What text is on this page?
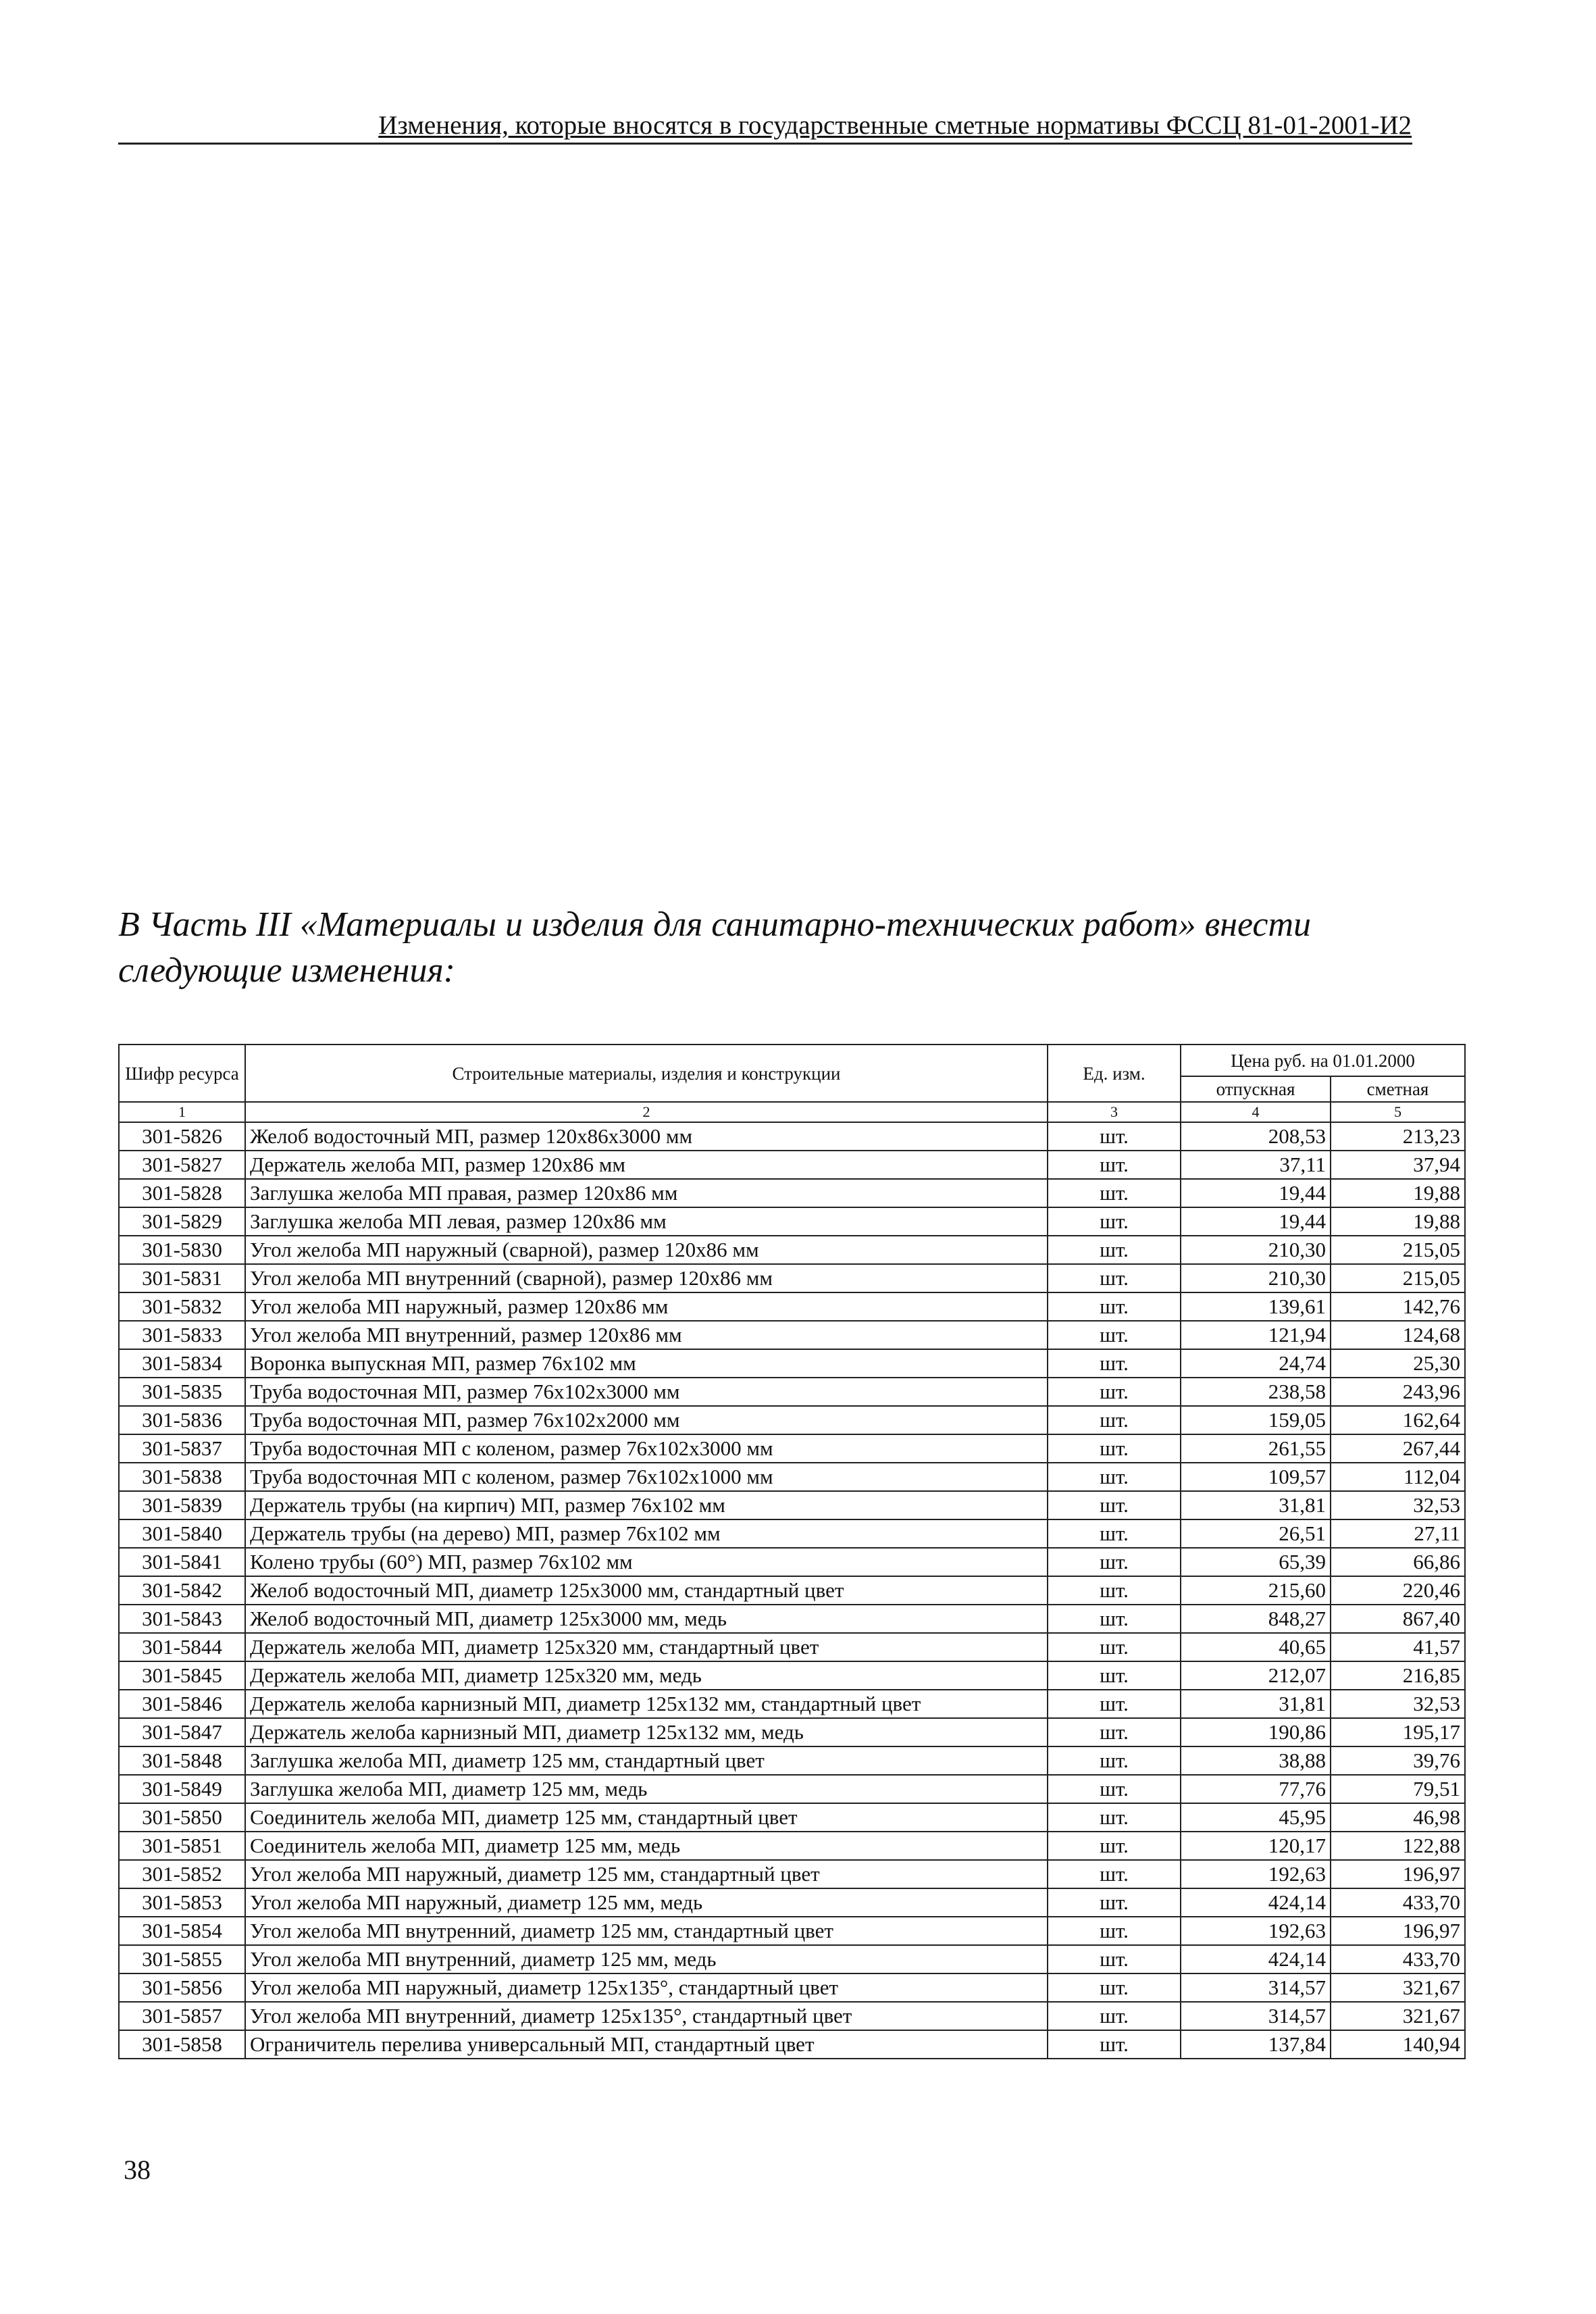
Изменения, которые вносятся в государственные сметные нормативы ФССЦ 81-01-2001-И2

В Часть III «Материалы и изделия для санитарно-технических работ» внести следующие изменения:

Шифр ресурса	Строительные материалы, изделия и конструкции	Ед. изм.	Цена руб. на 01.01.2000	
			отпускная	сметная
1	2	3	4	5
301-5826	Желоб водосточный МП, размер 120х86х3000 мм	шт.	208,53	213,23
301-5827	Держатель желоба МП, размер 120х86 мм	шт.	37,11	37,94
301-5828	Заглушка желоба МП правая, размер 120х86 мм	шт.	19,44	19,88
301-5829	Заглушка желоба МП левая, размер 120х86 мм	шт.	19,44	19,88
301-5830	Угол желоба МП наружный (сварной), размер 120х86 мм	шт.	210,30	215,05
301-5831	Угол желоба МП внутренний (сварной), размер 120х86 мм	шт.	210,30	215,05
301-5832	Угол желоба МП наружный, размер 120х86 мм	шт.	139,61	142,76
301-5833	Угол желоба МП внутренний, размер 120х86 мм	шт.	121,94	124,68
301-5834	Воронка выпускная МП, размер 76х102 мм	шт.	24,74	25,30
301-5835	Труба водосточная МП, размер 76х102х3000 мм	шт.	238,58	243,96
301-5836	Труба водосточная МП, размер 76х102х2000 мм	шт.	159,05	162,64
301-5837	Труба водосточная МП с коленом, размер 76х102х3000 мм	шт.	261,55	267,44
301-5838	Труба водосточная МП с коленом, размер 76х102х1000 мм	шт.	109,57	112,04
301-5839	Держатель трубы (на кирпич) МП, размер 76х102 мм	шт.	31,81	32,53
301-5840	Держатель трубы (на дерево) МП, размер 76х102 мм	шт.	26,51	27,11
301-5841	Колено трубы (60°) МП, размер 76х102 мм	шт.	65,39	66,86
301-5842	Желоб водосточный МП, диаметр 125х3000 мм, стандартный цвет	шт.	215,60	220,46
301-5843	Желоб водосточный МП, диаметр 125х3000 мм, медь	шт.	848,27	867,40
301-5844	Держатель желоба МП, диаметр 125х320 мм, стандартный цвет	шт.	40,65	41,57
301-5845	Держатель желоба МП, диаметр 125х320 мм, медь	шт.	212,07	216,85
301-5846	Держатель желоба карнизный МП, диаметр 125х132 мм, стандартный цвет	шт.	31,81	32,53
301-5847	Держатель желоба карнизный МП, диаметр 125х132 мм, медь	шт.	190,86	195,17
301-5848	Заглушка желоба МП, диаметр 125 мм, стандартный цвет	шт.	38,88	39,76
301-5849	Заглушка желоба МП, диаметр 125 мм, медь	шт.	77,76	79,51
301-5850	Соединитель желоба МП, диаметр 125 мм, стандартный цвет	шт.	45,95	46,98
301-5851	Соединитель желоба МП, диаметр 125 мм, медь	шт.	120,17	122,88
301-5852	Угол желоба МП наружный, диаметр 125 мм, стандартный цвет	шт.	192,63	196,97
301-5853	Угол желоба МП наружный, диаметр 125 мм, медь	шт.	424,14	433,70
301-5854	Угол желоба МП внутренний, диаметр 125 мм, стандартный цвет	шт.	192,63	196,97
301-5855	Угол желоба МП внутренний, диаметр 125 мм, медь	шт.	424,14	433,70
301-5856	Угол желоба МП наружный, диаметр 125х135°, стандартный цвет	шт.	314,57	321,67
301-5857	Угол желоба МП внутренний, диаметр 125х135°, стандартный цвет	шт.	314,57	321,67
301-5858	Ограничитель перелива универсальный МП, стандартный цвет	шт.	137,84	140,94
38
